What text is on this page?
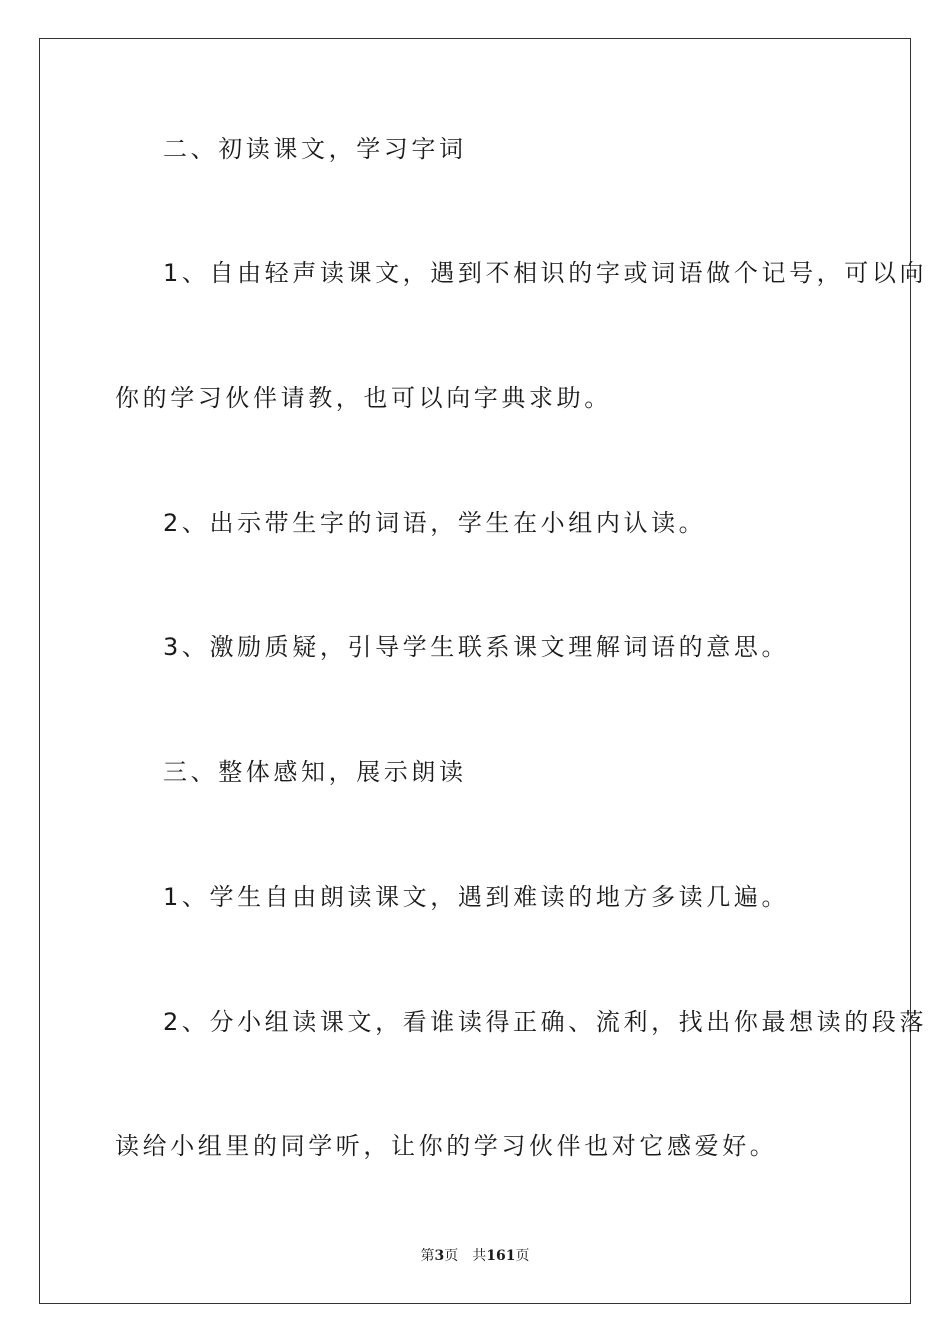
二、初读课文，学习字词
1、自由轻声读课文，遇到不相识的字或词语做个记号，可以向
你的学习伙伴请教，也可以向字典求助。
2、出示带生字的词语，学生在小组内认读。
3、激励质疑，引导学生联系课文理解词语的意思。
三、整体感知，展示朗读
1、学生自由朗读课文，遇到难读的地方多读几遍。
2、分小组读课文，看谁读得正确、流利，找出你最想读的段落
读给小组里的同学听，让你的学习伙伴也对它感爱好。
第3页 共161页
